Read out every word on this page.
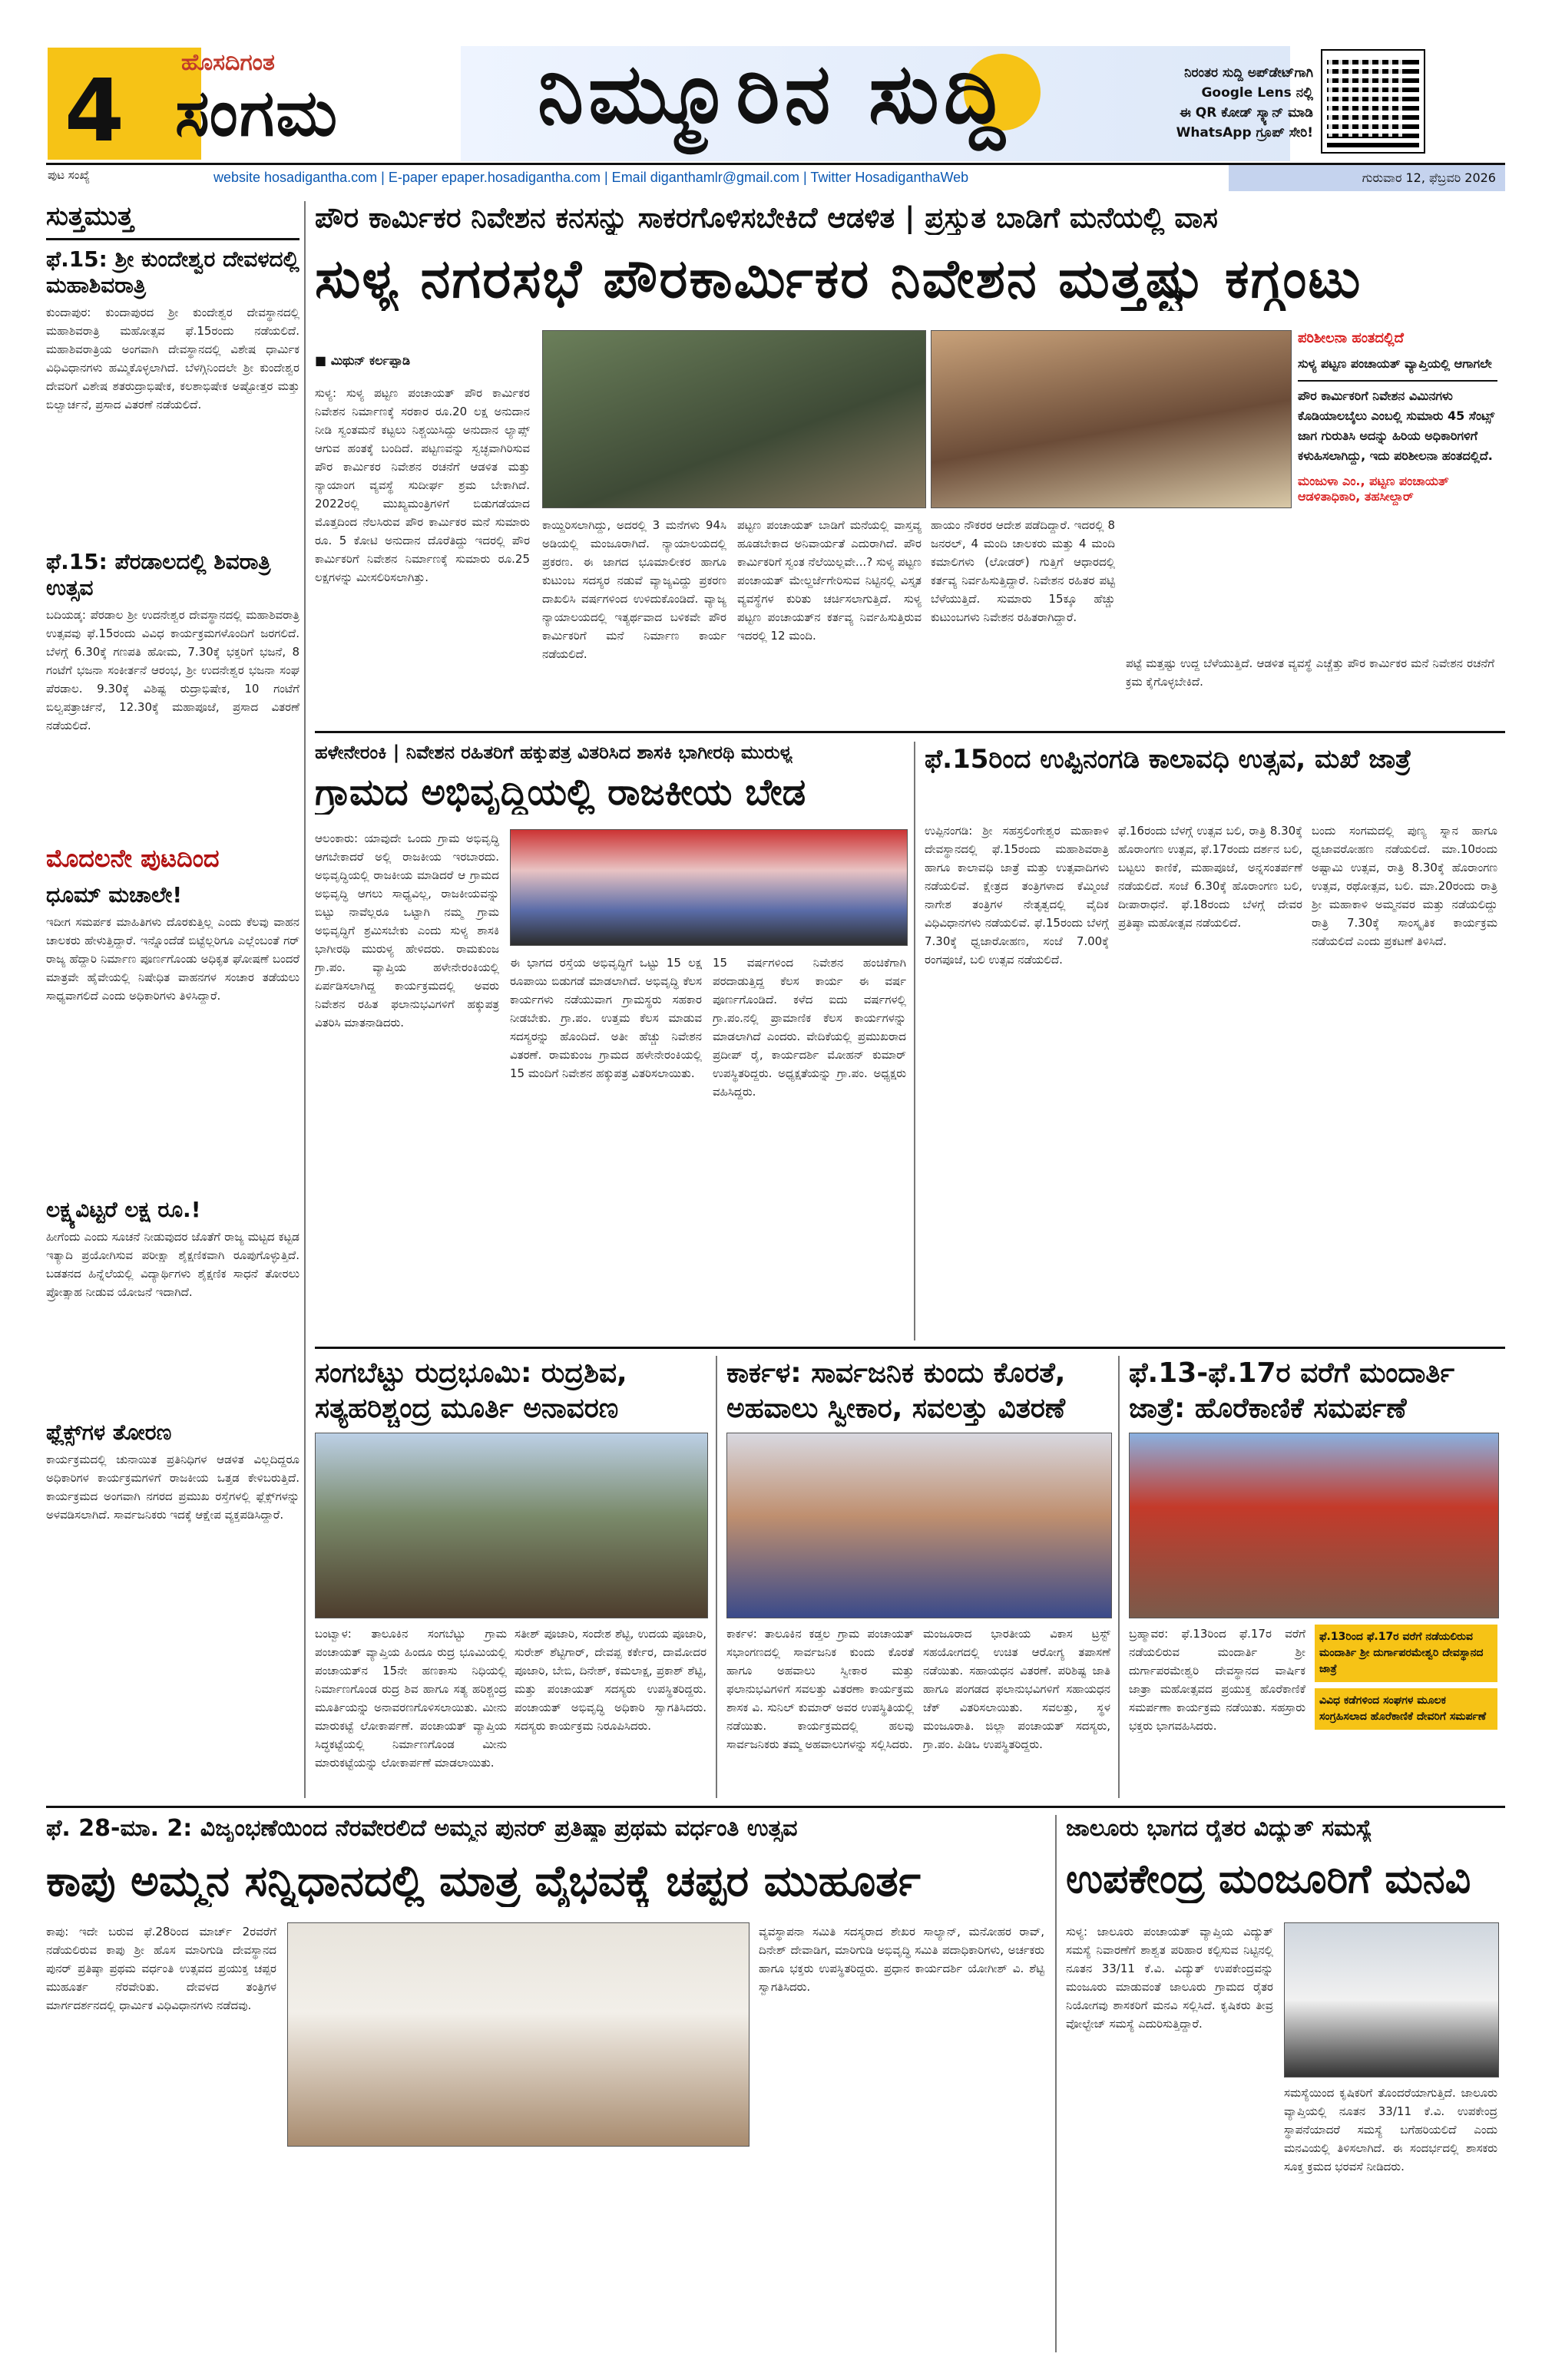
4 ಹೊಸದಿಗಂತ
ಸಂಗಮ ನಿಮ್ಮೂರಿನ ಸುದ್ದಿ	ನಿರಂತರ ಸುದ್ದಿ ಅಪ್‌ಡೇಟ್‌ಗಾಗಿ
Google Lens ನಲ್ಲಿ
ಈ QR ಕೋಡ್ ಸ್ಕ್ಯಾನ್ ಮಾಡಿ
WhatsApp ಗ್ರೂಪ್ ಸೇರಿ!
ಪುಟ ಸಂಖ್ಯೆ	website hosadigantha.com | E-paper epaper.hosadigantha.com | Email diganthamlr@gmail.com | Twitter HosadiganthaWeb	ಗುರುವಾರ 12, ಫೆಬ್ರವರಿ 2026
ಸುತ್ತಮುತ್ತ
ಫೆ.15: ಶ್ರೀ ಕುಂದೇಶ್ವರ ದೇವಳದಲ್ಲಿ ಮಹಾಶಿವರಾತ್ರಿ
ಕುಂದಾಪುರ: ಕುಂದಾಪುರದ ಶ್ರೀ ಕುಂದೇಶ್ವರ ದೇವಸ್ಥಾನದಲ್ಲಿ ಮಹಾಶಿವರಾತ್ರಿ ಮಹೋತ್ಸವ ಫೆ.15ರಂದು ನಡೆಯಲಿದೆ. ಮಹಾಶಿವರಾತ್ರಿಯ ಅಂಗವಾಗಿ ದೇವಸ್ಥಾನದಲ್ಲಿ ವಿಶೇಷ ಧಾರ್ಮಿಕ ವಿಧಿವಿಧಾನಗಳು ಹಮ್ಮಿಕೊಳ್ಳಲಾಗಿದೆ. ಬೆಳಗ್ಗಿನಿಂದಲೇ ಶ್ರೀ ಕುಂದೇಶ್ವರ ದೇವರಿಗೆ ವಿಶೇಷ ಶತರುದ್ರಾಭಿಷೇಕ, ಕಲಶಾಭಿಷೇಕ ಅಷ್ಟೋತ್ತರ ಮತ್ತು ಬಿಲ್ವಾರ್ಚನೆ, ಪ್ರಸಾದ ವಿತರಣೆ ನಡೆಯಲಿದೆ.
ಫೆ.15: ಪೆರಡಾಲದಲ್ಲಿ ಶಿವರಾತ್ರಿ ಉತ್ಸವ
ಬದಿಯಡ್ಕ: ಪೆರಡಾಲ ಶ್ರೀ ಉದನೇಶ್ವರ ದೇವಸ್ಥಾನದಲ್ಲಿ ಮಹಾಶಿವರಾತ್ರಿ ಉತ್ಸವವು ಫೆ.15ರಂದು ವಿವಿಧ ಕಾರ್ಯಕ್ರಮಗಳೊಂದಿಗೆ ಜರಗಲಿದೆ. ಬೆಳಗ್ಗೆ 6.30ಕ್ಕೆ ಗಣಪತಿ ಹೋಮ, 7.30ಕ್ಕೆ ಭಕ್ತರಿಗೆ ಭಜನೆ, 8 ಗಂಟೆಗೆ ಭಜನಾ ಸಂಕೀರ್ತನೆ ಆರಂಭ, ಶ್ರೀ ಉದನೇಶ್ವರ ಭಜನಾ ಸಂಘ ಪೆರಡಾಲ. 9.30ಕ್ಕೆ ವಿಶಿಷ್ಟ ರುದ್ರಾಭಿಷೇಕ, 10 ಗಂಟೆಗೆ ಬಿಲ್ವಪತ್ರಾರ್ಚನೆ, 12.30ಕ್ಕೆ ಮಹಾಪೂಜೆ, ಪ್ರಸಾದ ವಿತರಣೆ ನಡೆಯಲಿದೆ.
ಮೊದಲನೇ ಪುಟದಿಂದ
ಧೂಮ್ ಮಚಾಲೇ!
ಇದೀಗ ಸಮರ್ಪಕ ಮಾಹಿತಿಗಳು ದೊರಕುತ್ತಿಲ್ಲ ಎಂದು ಕೆಲವು ವಾಹನ ಚಾಲಕರು ಹೇಳುತ್ತಿದ್ದಾರೆ. ಇನ್ನೊಂದೆಡೆ ಬಿಟ್ಟೆಲ್ಲರಿಗೂ ಎಲ್ಲೆಂಬಂತೆ ಗರ್ ರಾಜ್ಯ ಹೆದ್ದಾರಿ ನಿರ್ಮಾಣ ಪೂರ್ಣಗೊಂಡು ಅಧಿಕೃತ ಘೋಷಣೆ ಬಂದರೆ ಮಾತ್ರವೇ ಹೈವೇಯಲ್ಲಿ ನಿಷೇಧಿತ ವಾಹನಗಳ ಸಂಚಾರ ತಡೆಯಲು ಸಾಧ್ಯವಾಗಲಿದೆ ಎಂದು ಅಧಿಕಾರಿಗಳು ತಿಳಿಸಿದ್ದಾರೆ.
ಲಕ್ಷ್ಯವಿಟ್ಟರೆ ಲಕ್ಷ ರೂ.!
ಹೀಗೆಂದು ಎಂದು ಸೂಚನೆ ನೀಡುವುದರ ಜೊತೆಗೆ ರಾಜ್ಯ ಮಟ್ಟದ ಕಟ್ಟಡ ಇತ್ಯಾದಿ ಪ್ರಯೋಗಿಸುವ ಪರೀಕ್ಷಾ ಶೈಕ್ಷಣಿಕವಾಗಿ ರೂಪುಗೊಳ್ಳುತ್ತಿದೆ. ಬಡತನದ ಹಿನ್ನೆಲೆಯಲ್ಲಿ ವಿದ್ಯಾರ್ಥಿಗಳು ಶೈಕ್ಷಣಿಕ ಸಾಧನೆ ತೋರಲು ಪ್ರೋತ್ಸಾಹ ನೀಡುವ ಯೋಜನೆ ಇದಾಗಿದೆ.
ಫ್ಲೆಕ್ಸ್‌ಗಳ ತೋರಣ
ಕಾರ್ಯಕ್ರಮದಲ್ಲಿ ಚುನಾಯಿತ ಪ್ರತಿನಿಧಿಗಳ ಆಡಳಿತ ವಿಲ್ಲದಿದ್ದರೂ ಅಧಿಕಾರಿಗಳ ಕಾರ್ಯಕ್ರಮಗಳಿಗೆ ರಾಜಕೀಯ ಒತ್ತಡ ಕೇಳಿಬರುತ್ತಿದೆ. ಕಾರ್ಯಕ್ರಮದ ಅಂಗವಾಗಿ ನಗರದ ಪ್ರಮುಖ ರಸ್ತೆಗಳಲ್ಲಿ ಫ್ಲೆಕ್ಸ್‌ಗಳನ್ನು ಅಳವಡಿಸಲಾಗಿದೆ. ಸಾರ್ವಜನಿಕರು ಇದಕ್ಕೆ ಆಕ್ಷೇಪ ವ್ಯಕ್ತಪಡಿಸಿದ್ದಾರೆ.
ಪೌರ ಕಾರ್ಮಿಕರ ನಿವೇಶನ ಕನಸನ್ನು ಸಾಕರಗೊಳಿಸಬೇಕಿದೆ ಆಡಳಿತ | ಪ್ರಸ್ತುತ ಬಾಡಿಗೆ ಮನೆಯಲ್ಲಿ ವಾಸ
ಸುಳ್ಯ ನಗರಸಭೆ ಪೌರಕಾರ್ಮಿಕರ ನಿವೇಶನ ಮತ್ತಷ್ಟು ಕಗ್ಗಂಟು
■ ಮಿಥುನ್ ಕರ್ಲಪ್ಪಾಡಿ
ಸುಳ್ಯ: ಸುಳ್ಯ ಪಟ್ಟಣ ಪಂಚಾಯತ್ ಪೌರ ಕಾರ್ಮಿಕರ ನಿವೇಶನ ನಿರ್ಮಾಣಕ್ಕೆ ಸರಕಾರ ರೂ.20 ಲಕ್ಷ ಅನುದಾನ ನೀಡಿ ಸ್ವಂತಮನೆ ಕಟ್ಟಲು ನಿಶ್ಚಯಿಸಿದ್ದು ಅನುದಾನ ಲ್ಯಾಪ್ಸ್ ಆಗುವ ಹಂತಕ್ಕೆ ಬಂದಿದೆ. ಪಟ್ಟಣವನ್ನು ಸ್ವಚ್ಛವಾಗಿರಿಸುವ ಪೌರ ಕಾರ್ಮಿಕರ ನಿವೇಶನ ರಚನೆಗೆ ಆಡಳಿತ ಮತ್ತು ನ್ಯಾಯಾಂಗ ವ್ಯವಸ್ಥೆ ಸುದೀರ್ಘ ಶ್ರಮ ಬೇಕಾಗಿದೆ. 2022ರಲ್ಲಿ ಮುಖ್ಯಮಂತ್ರಿಗಳಿಗೆ ಬಿಡುಗಡೆಯಾದ ಮೊತ್ತದಿಂದ ನೆಲಸಿರುವ ಪೌರ ಕಾರ್ಮಿಕರ ಮನೆ ಸುಮಾರು ರೂ. 5 ಕೋಟಿ ಅನುದಾನ ದೊರೆತಿದ್ದು ಇದರಲ್ಲಿ ಪೌರ ಕಾರ್ಮಿಕರಿಗೆ ನಿವೇಶನ ನಿರ್ಮಾಣಕ್ಕೆ ಸುಮಾರು ರೂ.25 ಲಕ್ಷಗಳನ್ನು ಮೀಸಲಿರಿಸಲಾಗಿತ್ತು.
ಕಾಯ್ದಿರಿಸಲಾಗಿದ್ದು, ಅದರಲ್ಲಿ 3 ಮನೆಗಳು 94ಸಿ ಅಡಿಯಲ್ಲಿ ಮಂಜೂರಾಗಿದೆ. ನ್ಯಾಯಾಲಯದಲ್ಲಿ ಪ್ರಕರಣ. ಈ ಜಾಗದ ಭೂಮಾಲೀಕರ ಹಾಗೂ ಕುಟುಂಬ ಸದಸ್ಯರ ನಡುವೆ ವ್ಯಾಜ್ಯವಿದ್ದು ಪ್ರಕರಣ ದಾಖಲಿಸಿ ವರ್ಷಗಳಿಂದ ಉಳಿದುಕೊಂಡಿದೆ. ವ್ಯಾಜ್ಯ ನ್ಯಾಯಾಲಯದಲ್ಲಿ ಇತ್ಯರ್ಥವಾದ ಬಳಿಕವೇ ಪೌರ ಕಾರ್ಮಿಕರಿಗೆ ಮನೆ ನಿರ್ಮಾಣ ಕಾರ್ಯ ನಡೆಯಲಿದೆ.
ಪಟ್ಟಣ ಪಂಚಾಯತ್ ಬಾಡಿಗೆ ಮನೆಯಲ್ಲಿ ವಾಸ್ತವ್ಯ ಹೂಡಬೇಕಾದ ಅನಿವಾರ್ಯತೆ ಎದುರಾಗಿದೆ. ಪೌರ ಕಾರ್ಮಿಕರಿಗೆ ಸ್ವಂತ ನೆಲೆಯಿಲ್ಲವೇ...? ಸುಳ್ಯ ಪಟ್ಟಣ ಪಂಚಾಯತ್ ಮೇಲ್ದರ್ಜೆಗೇರಿಸುವ ನಿಟ್ಟಿನಲ್ಲಿ ವಿಸ್ತೃತ ವ್ಯವಸ್ಥೆಗಳ ಕುರಿತು ಚರ್ಚಿಸಲಾಗುತ್ತಿದೆ. ಸುಳ್ಯ ಪಟ್ಟಣ ಪಂಚಾಯತ್‌ನ ಕರ್ತವ್ಯ ನಿರ್ವಹಿಸುತ್ತಿರುವ ಇದರಲ್ಲಿ 12 ಮಂದಿ.
ಹಾಯಂ ನೌಕರರ ಆದೇಶ ಪಡೆದಿದ್ದಾರೆ. ಇದರಲ್ಲಿ 8 ಜನರಲ್, 4 ಮಂದಿ ಚಾಲಕರು ಮತ್ತು 4 ಮಂದಿ ಕಮಾಲಿಗಳು (ಲೋಡರ್) ಗುತ್ತಿಗೆ ಆಧಾರದಲ್ಲಿ ಕರ್ತವ್ಯ ನಿರ್ವಹಿಸುತ್ತಿದ್ದಾರೆ. ನಿವೇಶನ ರಹಿತರ ಪಟ್ಟಿ ಬೆಳೆಯುತ್ತಿದೆ. ಸುಮಾರು 15ಕ್ಕೂ ಹೆಚ್ಚು ಕುಟುಂಬಗಳು ನಿವೇಶನ ರಹಿತರಾಗಿದ್ದಾರೆ.
ಪಟ್ಟೆ ಮತ್ತಷ್ಟು ಉದ್ದ ಬೆಳೆಯುತ್ತಿದೆ. ಆಡಳಿತ ವ್ಯವಸ್ಥೆ ಎಚ್ಚೆತ್ತು ಪೌರ ಕಾರ್ಮಿಕರ ಮನೆ ನಿವೇಶನ ರಚನೆಗೆ ಕ್ರಮ ಕೈಗೊಳ್ಳಬೇಕಿದೆ.
ಪರಿಶೀಲನಾ ಹಂತದಲ್ಲಿದೆ
ಸುಳ್ಯ ಪಟ್ಟಣ ಪಂಚಾಯತ್ ವ್ಯಾಪ್ತಿಯಲ್ಲಿ ಆಗಾಗಲೇ
ಪೌರ ಕಾರ್ಮಿಕರಿಗೆ ನಿವೇಶನ ವಿಮಿನಗಳು ಕೊಡಿಯಾಲಬೈಲು ಎಂಬಲ್ಲಿ ಸುಮಾರು 45 ಸೆಂಟ್ಸ್ ಜಾಗ ಗುರುತಿಸಿ ಅದನ್ನು ಹಿರಿಯ ಅಧಿಕಾರಿಗಳಿಗೆ ಕಳುಹಿಸಲಾಗಿದ್ದು, ಇದು ಪರಿಶೀಲನಾ ಹಂತದಲ್ಲಿದೆ.
ಮಂಜುಳಾ ಎಂ., ಪಟ್ಟಣ ಪಂಚಾಯತ್ ಆಡಳಿತಾಧಿಕಾರಿ, ತಹಸೀಲ್ದಾರ್
ಹಳೇನೇರಂಕಿ | ನಿವೇಶನ ರಹಿತರಿಗೆ ಹಕ್ಕುಪತ್ರ ವಿತರಿಸಿದ ಶಾಸಕಿ ಭಾಗೀರಥಿ ಮುರುಳ್ಯ
ಗ್ರಾಮದ ಅಭಿವೃದ್ಧಿಯಲ್ಲಿ ರಾಜಕೀಯ ಬೇಡ
ಆಲಂಕಾರು: ಯಾವುದೇ ಒಂದು ಗ್ರಾಮ ಅಭಿವೃದ್ಧಿ ಆಗಬೇಕಾದರೆ ಅಲ್ಲಿ ರಾಜಕೀಯ ಇರಬಾರದು. ಅಭಿವೃದ್ಧಿಯಲ್ಲಿ ರಾಜಕೀಯ ಮಾಡಿದರೆ ಆ ಗ್ರಾಮದ ಅಭಿವೃದ್ಧಿ ಆಗಲು ಸಾಧ್ಯವಿಲ್ಲ, ರಾಜಕೀಯವನ್ನು ಬಿಟ್ಟು ನಾವೆಲ್ಲರೂ ಒಟ್ಟಾಗಿ ನಮ್ಮ ಗ್ರಾಮ ಅಭಿವೃದ್ಧಿಗೆ ಶ್ರಮಿಸಬೇಕು ಎಂದು ಸುಳ್ಯ ಶಾಸಕಿ ಭಾಗೀರಥಿ ಮುರುಳ್ಯ ಹೇಳಿದರು. ರಾಮಕುಂಜ ಗ್ರಾ.ಪಂ. ವ್ಯಾಪ್ತಿಯ ಹಳೇನೇರಂಕಿಯಲ್ಲಿ ಏರ್ಪಡಿಸಲಾಗಿದ್ದ ಕಾರ್ಯಕ್ರಮದಲ್ಲಿ ಅವರು ನಿವೇಶನ ರಹಿತ ಫಲಾನುಭವಿಗಳಿಗೆ ಹಕ್ಕುಪತ್ರ ವಿತರಿಸಿ ಮಾತನಾಡಿದರು.
ಈ ಭಾಗದ ರಸ್ತೆಯ ಅಭಿವೃದ್ಧಿಗೆ ಒಟ್ಟು 15 ಲಕ್ಷ ರೂಪಾಯಿ ಬಿಡುಗಡೆ ಮಾಡಲಾಗಿದೆ. ಅಭಿವೃದ್ಧಿ ಕೆಲಸ ಕಾರ್ಯಗಳು ನಡೆಯುವಾಗ ಗ್ರಾಮಸ್ಥರು ಸಹಕಾರ ನೀಡಬೇಕು. ಗ್ರಾ.ಪಂ. ಉತ್ತಮ ಕೆಲಸ ಮಾಡುವ ಸದಸ್ಯರನ್ನು ಹೊಂದಿದೆ. ಅತೀ ಹೆಚ್ಚು ನಿವೇಶನ ವಿತರಣೆ. ರಾಮಕುಂಜ ಗ್ರಾಮದ ಹಳೇನೇರಂಕಿಯಲ್ಲಿ 15 ಮಂದಿಗೆ ನಿವೇಶನ ಹಕ್ಕುಪತ್ರ ವಿತರಿಸಲಾಯಿತು.
15 ವರ್ಷಗಳಿಂದ ನಿವೇಶನ ಹಂಚಿಕೆಗಾಗಿ ಪರದಾಡುತ್ತಿದ್ದ ಕೆಲಸ ಕಾರ್ಯ ಈ ವರ್ಷ ಪೂರ್ಣಗೊಂಡಿದೆ. ಕಳೆದ ಐದು ವರ್ಷಗಳಲ್ಲಿ ಗ್ರಾ.ಪಂ.ನಲ್ಲಿ ಪ್ರಾಮಾಣಿಕ ಕೆಲಸ ಕಾರ್ಯಗಳನ್ನು ಮಾಡಲಾಗಿದೆ ಎಂದರು. ವೇದಿಕೆಯಲ್ಲಿ ಪ್ರಮುಖರಾದ ಪ್ರದೀಪ್ ರೈ, ಕಾರ್ಯದರ್ಶಿ ಮೋಹನ್ ಕುಮಾರ್ ಉಪಸ್ಥಿತರಿದ್ದರು. ಅಧ್ಯಕ್ಷತೆಯನ್ನು ಗ್ರಾ.ಪಂ. ಅಧ್ಯಕ್ಷರು ವಹಿಸಿದ್ದರು.
ಫೆ.15ರಿಂದ ಉಪ್ಪಿನಂಗಡಿ ಕಾಲಾವಧಿ ಉತ್ಸವ, ಮಖೆ ಜಾತ್ರೆ
ಉಪ್ಪಿನಂಗಡಿ: ಶ್ರೀ ಸಹಸ್ರಲಿಂಗೇಶ್ವರ ಮಹಾಕಾಳಿ ದೇವಸ್ಥಾನದಲ್ಲಿ ಫೆ.15ರಂದು ಮಹಾಶಿವರಾತ್ರಿ ಹಾಗೂ ಕಾಲಾವಧಿ ಜಾತ್ರೆ ಮತ್ತು ಉತ್ಸವಾದಿಗಳು ನಡೆಯಲಿವೆ. ಕ್ಷೇತ್ರದ ತಂತ್ರಿಗಳಾದ ಕೆಮ್ಮಿಂಜೆ ನಾಗೇಶ ತಂತ್ರಿಗಳ ನೇತೃತ್ವದಲ್ಲಿ ವೈದಿಕ ವಿಧಿವಿಧಾನಗಳು ನಡೆಯಲಿವೆ. ಫೆ.15ರಂದು ಬೆಳಗ್ಗೆ 7.30ಕ್ಕೆ ಧ್ವಜಾರೋಹಣ, ಸಂಜೆ 7.00ಕ್ಕೆ ರಂಗಪೂಜೆ, ಬಲಿ ಉತ್ಸವ ನಡೆಯಲಿದೆ.
ಫೆ.16ರಂದು ಬೆಳಗ್ಗೆ ಉತ್ಸವ ಬಲಿ, ರಾತ್ರಿ 8.30ಕ್ಕೆ ಹೊರಾಂಗಣ ಉತ್ಸವ, ಫೆ.17ರಂದು ದರ್ಶನ ಬಲಿ, ಬಟ್ಟಲು ಕಾಣಿಕೆ, ಮಹಾಪೂಜೆ, ಅನ್ನಸಂತರ್ಪಣೆ ನಡೆಯಲಿದೆ. ಸಂಜೆ 6.30ಕ್ಕೆ ಹೊರಾಂಗಣ ಬಲಿ, ದೀಪಾರಾಧನೆ. ಫೆ.18ರಂದು ಬೆಳಗ್ಗೆ ದೇವರ ಪ್ರತಿಷ್ಠಾ ಮಹೋತ್ಸವ ನಡೆಯಲಿದೆ.
ಬಂದು ಸಂಗಮದಲ್ಲಿ ಪುಣ್ಯ ಸ್ನಾನ ಹಾಗೂ ಧ್ವಜಾವರೋಹಣ ನಡೆಯಲಿದೆ. ಮಾ.10ರಂದು ಅಷ್ಟಾಮಿ ಉತ್ಸವ, ರಾತ್ರಿ 8.30ಕ್ಕೆ ಹೊರಾಂಗಣ ಉತ್ಸವ, ರಥೋತ್ಸವ, ಬಲಿ. ಮಾ.20ರಂದು ರಾತ್ರಿ ಶ್ರೀ ಮಹಾಕಾಳಿ ಅಮ್ಮನವರ ಮತ್ತು ನಡೆಯಲಿದ್ದು ರಾತ್ರಿ 7.30ಕ್ಕೆ ಸಾಂಸ್ಕೃತಿಕ ಕಾರ್ಯಕ್ರಮ ನಡೆಯಲಿದೆ ಎಂದು ಪ್ರಕಟಣೆ ತಿಳಿಸಿದೆ.
ಸಂಗಬೆಟ್ಟು ರುದ್ರಭೂಮಿ: ರುದ್ರಶಿವ, ಸತ್ಯಹರಿಶ್ಚಂದ್ರ ಮೂರ್ತಿ ಅನಾವರಣ
ಬಂಟ್ವಾಳ: ತಾಲೂಕಿನ ಸಂಗಬೆಟ್ಟು ಗ್ರಾಮ ಪಂಚಾಯತ್ ವ್ಯಾಪ್ತಿಯ ಹಿಂದೂ ರುದ್ರ ಭೂಮಿಯಲ್ಲಿ ಪಂಚಾಯತ್‌ನ 15ನೇ ಹಣಕಾಸು ನಿಧಿಯಲ್ಲಿ ನಿರ್ಮಾಣಗೊಂಡ ರುದ್ರ ಶಿವ ಹಾಗೂ ಸತ್ಯ ಹರಿಶ್ಚಂದ್ರ ಮೂರ್ತಿಯನ್ನು ಅನಾವರಣಗೊಳಿಸಲಾಯಿತು. ಮೀನು ಮಾರುಕಟ್ಟೆ ಲೋಕಾರ್ಪಣೆ. ಪಂಚಾಯತ್ ವ್ಯಾಪ್ತಿಯ ಸಿದ್ಧಕಟ್ಟೆಯಲ್ಲಿ ನಿರ್ಮಾಣಗೊಂಡ ಮೀನು ಮಾರುಕಟ್ಟೆಯನ್ನು ಲೋಕಾರ್ಪಣೆ ಮಾಡಲಾಯಿತು.
ಸತೀಶ್ ಪೂಜಾರಿ, ಸಂದೇಶ ಶೆಟ್ಟಿ, ಉದಯ ಪೂಜಾರಿ, ಸುರೇಶ್ ಶೆಟ್ಟಿಗಾರ್, ದೇವಪ್ಪ ಕರ್ಕೇರ, ದಾಮೋದರ ಪೂಜಾರಿ, ಬೇಬಿ, ದಿನೇಶ್, ಕಮಲಾಕ್ಷ, ಪ್ರಕಾಶ್ ಶೆಟ್ಟಿ, ಮತ್ತು ಪಂಚಾಯತ್ ಸದಸ್ಯರು ಉಪಸ್ಥಿತರಿದ್ದರು. ಪಂಚಾಯತ್ ಅಭಿವೃದ್ಧಿ ಅಧಿಕಾರಿ ಸ್ವಾಗತಿಸಿದರು. ಸದಸ್ಯರು ಕಾರ್ಯಕ್ರಮ ನಿರೂಪಿಸಿದರು.
ಕಾರ್ಕಳ: ಸಾರ್ವಜನಿಕ ಕುಂದು ಕೊರತೆ, ಅಹವಾಲು ಸ್ವೀಕಾರ, ಸವಲತ್ತು ವಿತರಣೆ
ಕಾರ್ಕಳ: ತಾಲೂಕಿನ ಕಡ್ತಲ ಗ್ರಾಮ ಪಂಚಾಯತ್ ಸಭಾಂಗಣದಲ್ಲಿ ಸಾರ್ವಜನಿಕ ಕುಂದು ಕೊರತೆ ಹಾಗೂ ಅಹವಾಲು ಸ್ವೀಕಾರ ಮತ್ತು ಫಲಾನುಭವಿಗಳಿಗೆ ಸವಲತ್ತು ವಿತರಣಾ ಕಾರ್ಯಕ್ರಮ ಶಾಸಕ ವಿ. ಸುನಿಲ್ ಕುಮಾರ್ ಅವರ ಉಪಸ್ಥಿತಿಯಲ್ಲಿ ನಡೆಯಿತು. ಕಾರ್ಯಕ್ರಮದಲ್ಲಿ ಹಲವು ಸಾರ್ವಜನಿಕರು ತಮ್ಮ ಅಹವಾಲುಗಳನ್ನು ಸಲ್ಲಿಸಿದರು.
ಮಂಜೂರಾದ ಭಾರತೀಯ ವಿಕಾಸ ಟ್ರಸ್ಟ್ ಸಹಯೋಗದಲ್ಲಿ ಉಚಿತ ಆರೋಗ್ಯ ತಪಾಸಣೆ ನಡೆಯಿತು. ಸಹಾಯಧನ ವಿತರಣೆ. ಪರಿಶಿಷ್ಟ ಜಾತಿ ಹಾಗೂ ಪಂಗಡದ ಫಲಾನುಭವಿಗಳಿಗೆ ಸಹಾಯಧನ ಚೆಕ್ ವಿತರಿಸಲಾಯಿತು. ಸವಲತ್ತು, ಸ್ಥಳ ಮಂಜೂರಾತಿ. ಜಿಲ್ಲಾ ಪಂಚಾಯತ್ ಸದಸ್ಯರು, ಗ್ರಾ.ಪಂ. ಪಿಡಿಒ ಉಪಸ್ಥಿತರಿದ್ದರು.
ಫೆ.13-ಫೆ.17ರ ವರೆಗೆ ಮಂದಾರ್ತಿ ಜಾತ್ರೆ: ಹೊರೆಕಾಣಿಕೆ ಸಮರ್ಪಣೆ
ಬ್ರಹ್ಮಾವರ: ಫೆ.13ರಿಂದ ಫೆ.17ರ ವರೆಗೆ ನಡೆಯಲಿರುವ ಮಂದಾರ್ತಿ ಶ್ರೀ ದುರ್ಗಾಪರಮೇಶ್ವರಿ ದೇವಸ್ಥಾನದ ವಾರ್ಷಿಕ ಜಾತ್ರಾ ಮಹೋತ್ಸವದ ಪ್ರಯುಕ್ತ ಹೊರೆಕಾಣಿಕೆ ಸಮರ್ಪಣಾ ಕಾರ್ಯಕ್ರಮ ನಡೆಯಿತು. ಸಹಸ್ರಾರು ಭಕ್ತರು ಭಾಗವಹಿಸಿದರು.
ಫೆ.13ರಿಂದ ಫೆ.17ರ ವರೆಗೆ ನಡೆಯಲಿರುವ ಮಂದಾರ್ತಿ ಶ್ರೀ ದುರ್ಗಾಪರಮೇಶ್ವರಿ ದೇವಸ್ಥಾನದ ಜಾತ್ರೆ
ವಿವಿಧ ಕಡೆಗಳಿಂದ ಸಂಘಗಳ ಮೂಲಕ ಸಂಗ್ರಹಿಸಲಾದ ಹೊರೆಕಾಣಿಕೆ ದೇವರಿಗೆ ಸಮರ್ಪಣೆ
ಫೆ. 28-ಮಾ. 2: ವಿಜೃಂಭಣೆಯಿಂದ ನೆರವೇರಲಿದೆ ಅಮ್ಮನ ಪುನರ್ ಪ್ರತಿಷ್ಠಾ ಪ್ರಥಮ ವರ್ಧಂತಿ ಉತ್ಸವ
ಕಾಪು ಅಮ್ಮನ ಸನ್ನಿಧಾನದಲ್ಲಿ ಮಾತ್ರ ವೈಭವಕ್ಕೆ ಚಪ್ಪರ ಮುಹೂರ್ತ
ಕಾಪು: ಇದೇ ಬರುವ ಫೆ.28ರಿಂದ ಮಾರ್ಚ್ 2ರವರೆಗೆ ನಡೆಯಲಿರುವ ಕಾಪು ಶ್ರೀ ಹೊಸ ಮಾರಿಗುಡಿ ದೇವಸ್ಥಾನದ ಪುನರ್ ಪ್ರತಿಷ್ಠಾ ಪ್ರಥಮ ವರ್ಧಂತಿ ಉತ್ಸವದ ಪ್ರಯುಕ್ತ ಚಪ್ಪರ ಮುಹೂರ್ತ ನೆರವೇರಿತು. ದೇವಳದ ತಂತ್ರಿಗಳ ಮಾರ್ಗದರ್ಶನದಲ್ಲಿ ಧಾರ್ಮಿಕ ವಿಧಿವಿಧಾನಗಳು ನಡೆದವು.
ವ್ಯವಸ್ಥಾಪನಾ ಸಮಿತಿ ಸದಸ್ಯರಾದ ಶೇಖರ ಸಾಲ್ಯಾನ್, ಮನೋಹರ ರಾವ್, ದಿನೇಶ್ ದೇವಾಡಿಗ, ಮಾರಿಗುಡಿ ಅಭಿವೃದ್ಧಿ ಸಮಿತಿ ಪದಾಧಿಕಾರಿಗಳು, ಅರ್ಚಕರು ಹಾಗೂ ಭಕ್ತರು ಉಪಸ್ಥಿತರಿದ್ದರು. ಪ್ರಧಾನ ಕಾರ್ಯದರ್ಶಿ ಯೋಗೀಶ್ ವಿ. ಶೆಟ್ಟಿ ಸ್ವಾಗತಿಸಿದರು.
ಜಾಲೂರು ಭಾಗದ ರೈತರ ವಿದ್ಯುತ್ ಸಮಸ್ಯೆ
ಉಪಕೇಂದ್ರ ಮಂಜೂರಿಗೆ ಮನವಿ
ಸುಳ್ಯ: ಜಾಲೂರು ಪಂಚಾಯತ್ ವ್ಯಾಪ್ತಿಯ ವಿದ್ಯುತ್ ಸಮಸ್ಯೆ ನಿವಾರಣೆಗೆ ಶಾಶ್ವತ ಪರಿಹಾರ ಕಲ್ಪಿಸುವ ನಿಟ್ಟಿನಲ್ಲಿ ನೂತನ 33/11 ಕೆ.ವಿ. ವಿದ್ಯುತ್ ಉಪಕೇಂದ್ರವನ್ನು ಮಂಜೂರು ಮಾಡುವಂತೆ ಜಾಲೂರು ಗ್ರಾಮದ ರೈತರ ನಿಯೋಗವು ಶಾಸಕರಿಗೆ ಮನವಿ ಸಲ್ಲಿಸಿದೆ. ಕೃಷಿಕರು ತೀವ್ರ ವೋಲ್ಟೇಜ್ ಸಮಸ್ಯೆ ಎದುರಿಸುತ್ತಿದ್ದಾರೆ.
ಸಮಸ್ಯೆಯಿಂದ ಕೃಷಿಕರಿಗೆ ತೊಂದರೆಯಾಗುತ್ತಿದೆ. ಜಾಲೂರು ವ್ಯಾಪ್ತಿಯಲ್ಲಿ ನೂತನ 33/11 ಕೆ.ವಿ. ಉಪಕೇಂದ್ರ ಸ್ಥಾಪನೆಯಾದರೆ ಸಮಸ್ಯೆ ಬಗೆಹರಿಯಲಿದೆ ಎಂದು ಮನವಿಯಲ್ಲಿ ತಿಳಿಸಲಾಗಿದೆ. ಈ ಸಂದರ್ಭದಲ್ಲಿ ಶಾಸಕರು ಸೂಕ್ತ ಕ್ರಮದ ಭರವಸೆ ನೀಡಿದರು.
